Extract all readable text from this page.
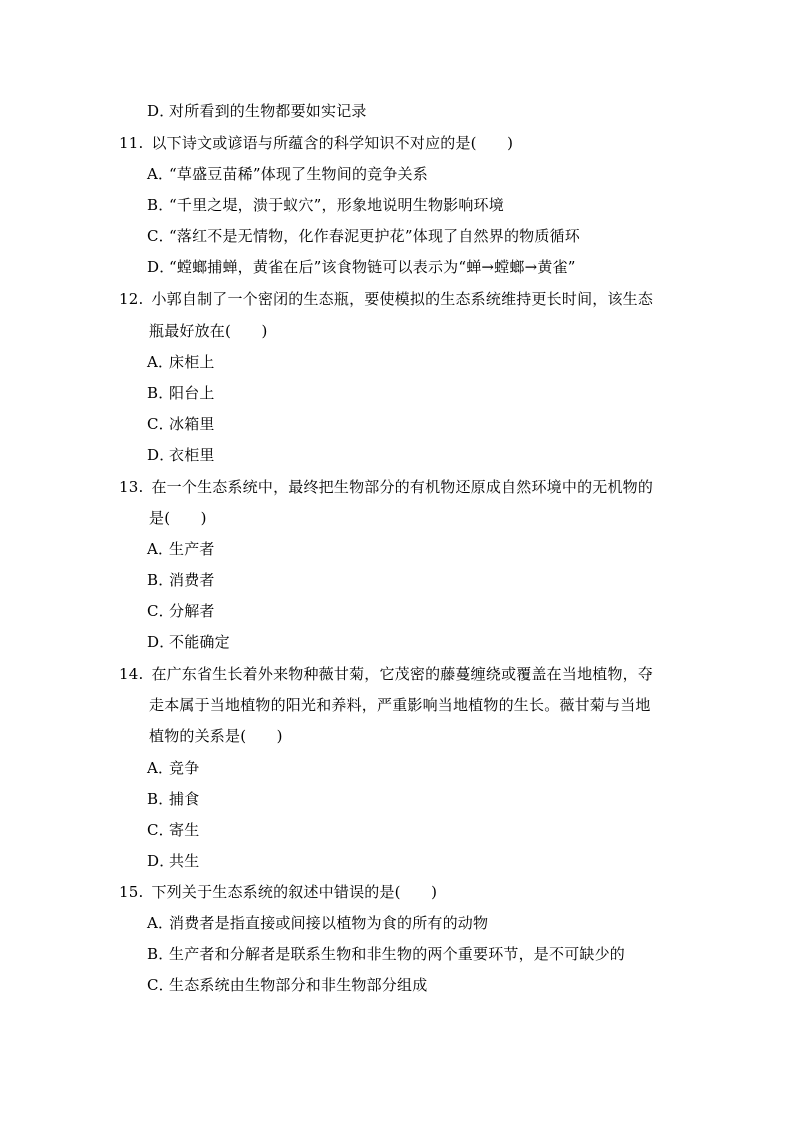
D．对所看到的生物都要如实记录
11. 以下诗文或谚语与所蕴含的科学知识不对应的是(　　)
A．“草盛豆苗稀”体现了生物间的竞争关系
B．“千里之堤，溃于蚁穴”，形象地说明生物影响环境
C．“落红不是无情物，化作春泥更护花”体现了自然界的物质循环
D．“螳螂捕蝉，黄雀在后”该食物链可以表示为“蝉→螳螂→黄雀”
12. 小郭自制了一个密闭的生态瓶，要使模拟的生态系统维持更长时间，该生态
瓶最好放在(　　)
A．床柜上
B．阳台上
C．冰箱里
D．衣柜里
13. 在一个生态系统中，最终把生物部分的有机物还原成自然环境中的无机物的
是(　　)
A．生产者
B．消费者
C．分解者
D．不能确定
14. 在广东省生长着外来物种薇甘菊，它茂密的藤蔓缠绕或覆盖在当地植物，夺
走本属于当地植物的阳光和养料，严重影响当地植物的生长。薇甘菊与当地
植物的关系是(　　)
A．竞争
B．捕食
C．寄生
D．共生
15. 下列关于生态系统的叙述中错误的是(　　)
A．消费者是指直接或间接以植物为食的所有的动物
B．生产者和分解者是联系生物和非生物的两个重要环节，是不可缺少的
C．生态系统由生物部分和非生物部分组成
